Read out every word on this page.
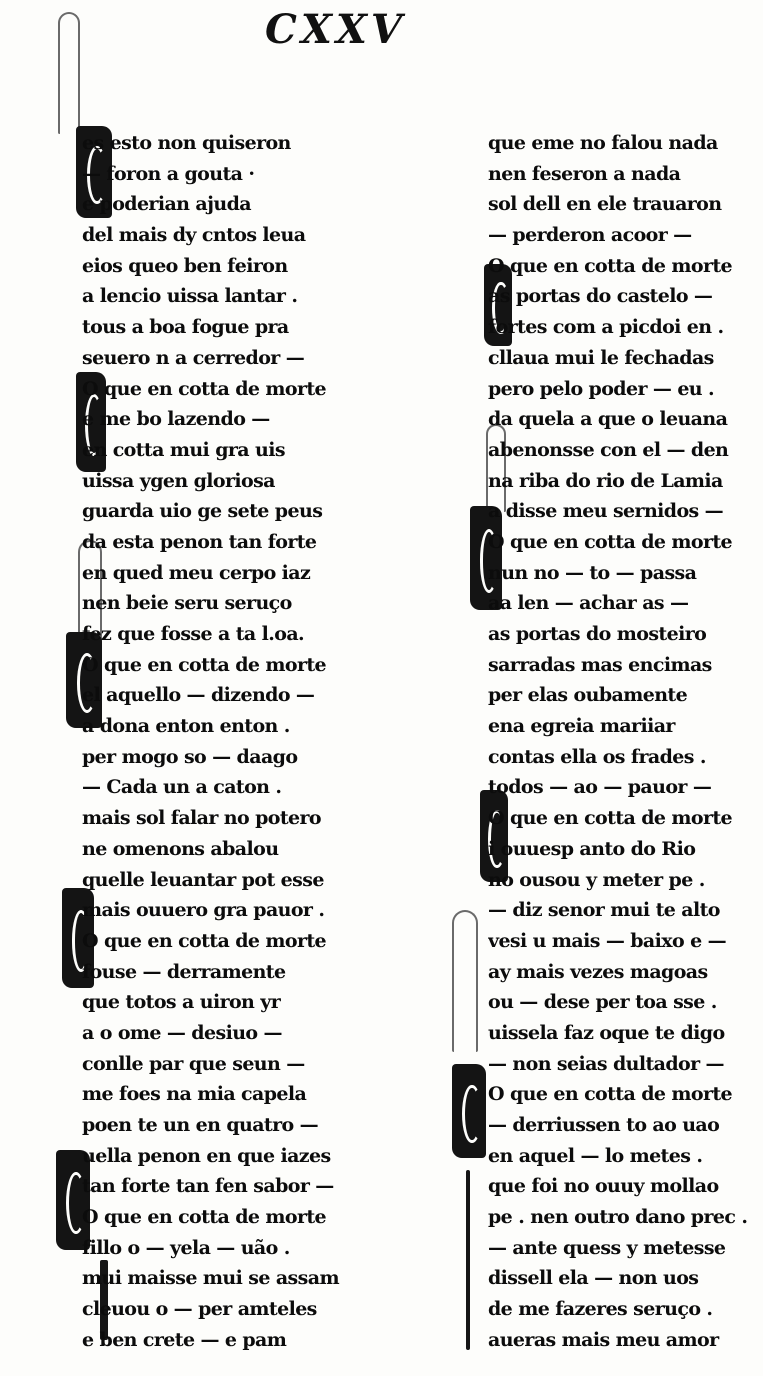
CXXV
es esto non quiseron
— foron a gouta ·
e poderian ajuda
del mais dy cntos leua
eios queo ben feiron
a lencio uissa lantar .
tous a boa fogue pra
seuero n a cerredor —
O que en cotta de morte
e me bo lazendo —
en cotta mui gra uis
uissa ygen gloriosa
guarda uio ge sete peus
da esta penon tan forte
en qued meu cerpo iaz
nen beie seru seruço
fez que fosse a ta l.oa.
O que en cotta de morte
el aquello — dizendo —
a dona enton enton .
per mogo so — daago
— Cada un a caton .
mais sol falar no potero
ne omenons abalou
quelle leuantar pot esse
mais ouuero gra pauor .
O que en cotta de morte
fouse — derramente
que totos a uiron yr
a o ome — desiuo —
conlle par que seun —
me foes na mia capela
poen te un en quatro —
uella penon en que iazes
tan forte tan fen sabor —
O que en cotta de morte
fillo o — yela — uão .
mui maisse mui se assam
cleuou o — per amteles
e ben crete — e pam
que eme no falou nada
nen feseron a nada
sol dell en ele trauaron
— perderon acoor —
O que en cotta de morte
as portas do castelo —
fortes com a picdoi en .
cllaua mui le fechadas
pero pelo poder — eu .
da quela a que o leuana
abenonsse con el — den
na riba do rio de Lamia
a disse meu sernidos —
O que en cotta de morte
nun no — to — passa
aa len — achar as —
as portas do mosteiro
sarradas mas encimas
per elas oubamente
ena egreia mariiar
contas ella os frades .
todos — ao — pauor —
O que en cotta de morte
i ouuesp anto do Rio
no ousou y meter pe .
— diz senor mui te alto
vesi u mais — baixo e —
ay mais vezes magoas
ou — dese per toa sse .
uissela faz oque te digo
— non seias dultador —
O que en cotta de morte
— derriussen to ao uao
en aquel — lo metes .
que foi no ouuy mollao
pe . nen outro dano prec .
— ante quess y metesse
dissell ela — non uos
de me fazeres seruço .
aueras mais meu amor
